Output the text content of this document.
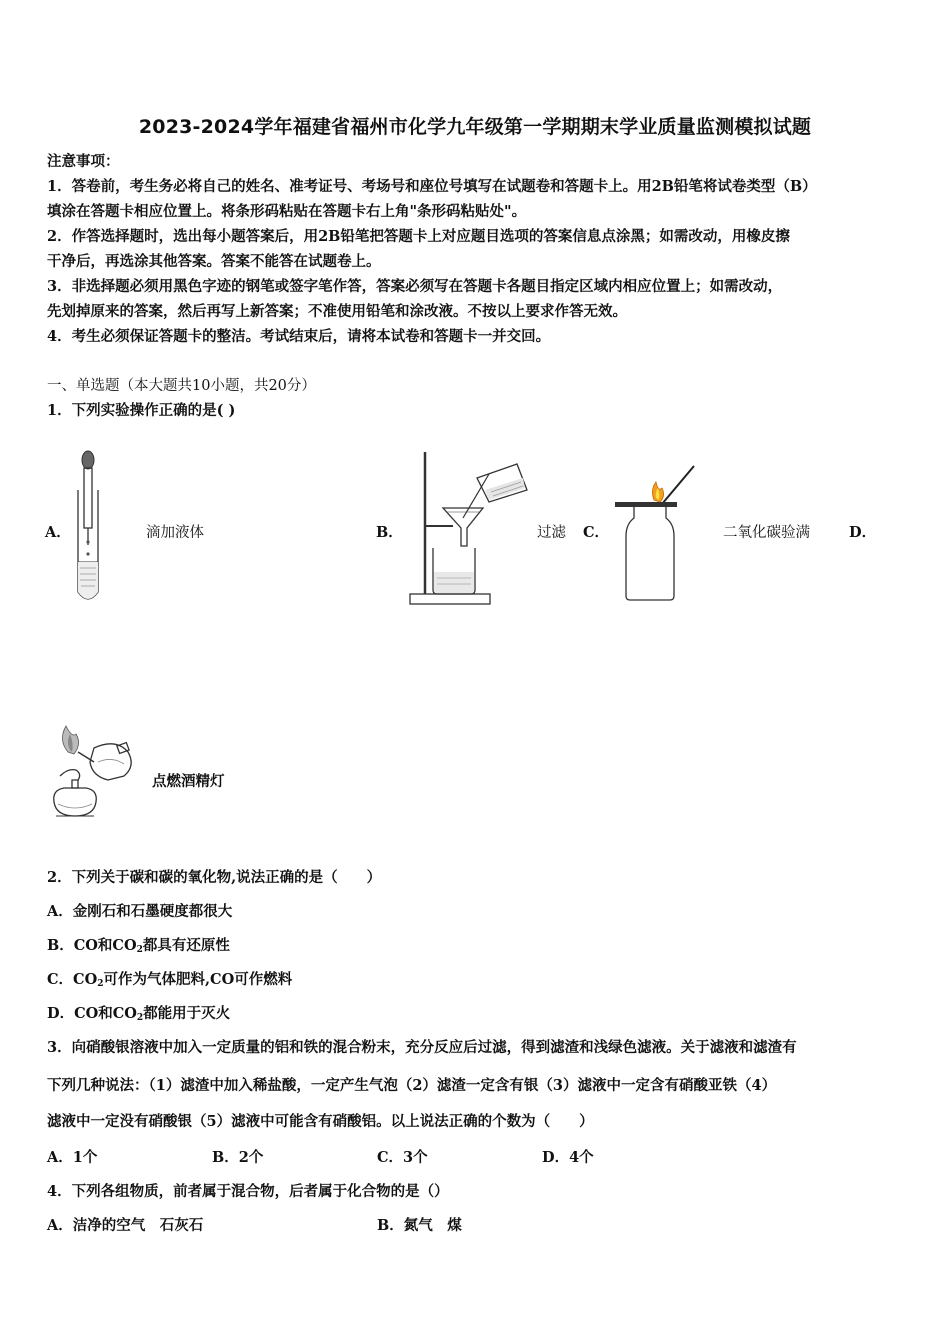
2023-2024学年福建省福州市化学九年级第一学期期末学业质量监测模拟试题
注意事项：
1．答卷前，考生务必将自己的姓名、准考证号、考场号和座位号填写在试题卷和答题卡上。用2B铅笔将试卷类型（B）
填涂在答题卡相应位置上。将条形码粘贴在答题卡右上角"条形码粘贴处"。
2．作答选择题时，选出每小题答案后，用2B铅笔把答题卡上对应题目选项的答案信息点涂黑；如需改动，用橡皮擦
干净后，再选涂其他答案。答案不能答在试题卷上。
3．非选择题必须用黑色字迹的钢笔或签字笔作答，答案必须写在答题卡各题目指定区域内相应位置上；如需改动，
先划掉原来的答案，然后再写上新答案；不准使用铅笔和涂改液。不按以上要求作答无效。
4．考生必须保证答题卡的整洁。考试结束后，请将本试卷和答题卡一并交回。
一、单选题（本大题共10小题，共20分）
1．下列实验操作正确的是( )
A．	滴加液体	B．	过滤 C．	二氧化碳验满	D．
点燃酒精灯
2．下列关于碳和碳的氧化物,说法正确的是（　　）
A．金刚石和石墨硬度都很大
B．CO和$CO_2$都具有还原性
C．$CO_2$可作为气体肥料,CO可作燃料
D．CO和$CO_2$都能用于灭火
3．向硝酸银溶液中加入一定质量的铝和铁的混合粉末，充分反应后过滤，得到滤渣和浅绿色滤液。关于滤液和滤渣有
下列几种说法：（1）滤渣中加入稀盐酸，一定产生气泡（2）滤渣一定含有银（3）滤液中一定含有硝酸亚铁（4）
滤液中一定没有硝酸银（5）滤液中可能含有硝酸铝。以上说法正确的个数为（　　）
A．1个	B．2个	C．3个	D．4个
4．下列各组物质，前者属于混合物，后者属于化合物的是（）
A．洁净的空气　石灰石	B．氮气　煤
